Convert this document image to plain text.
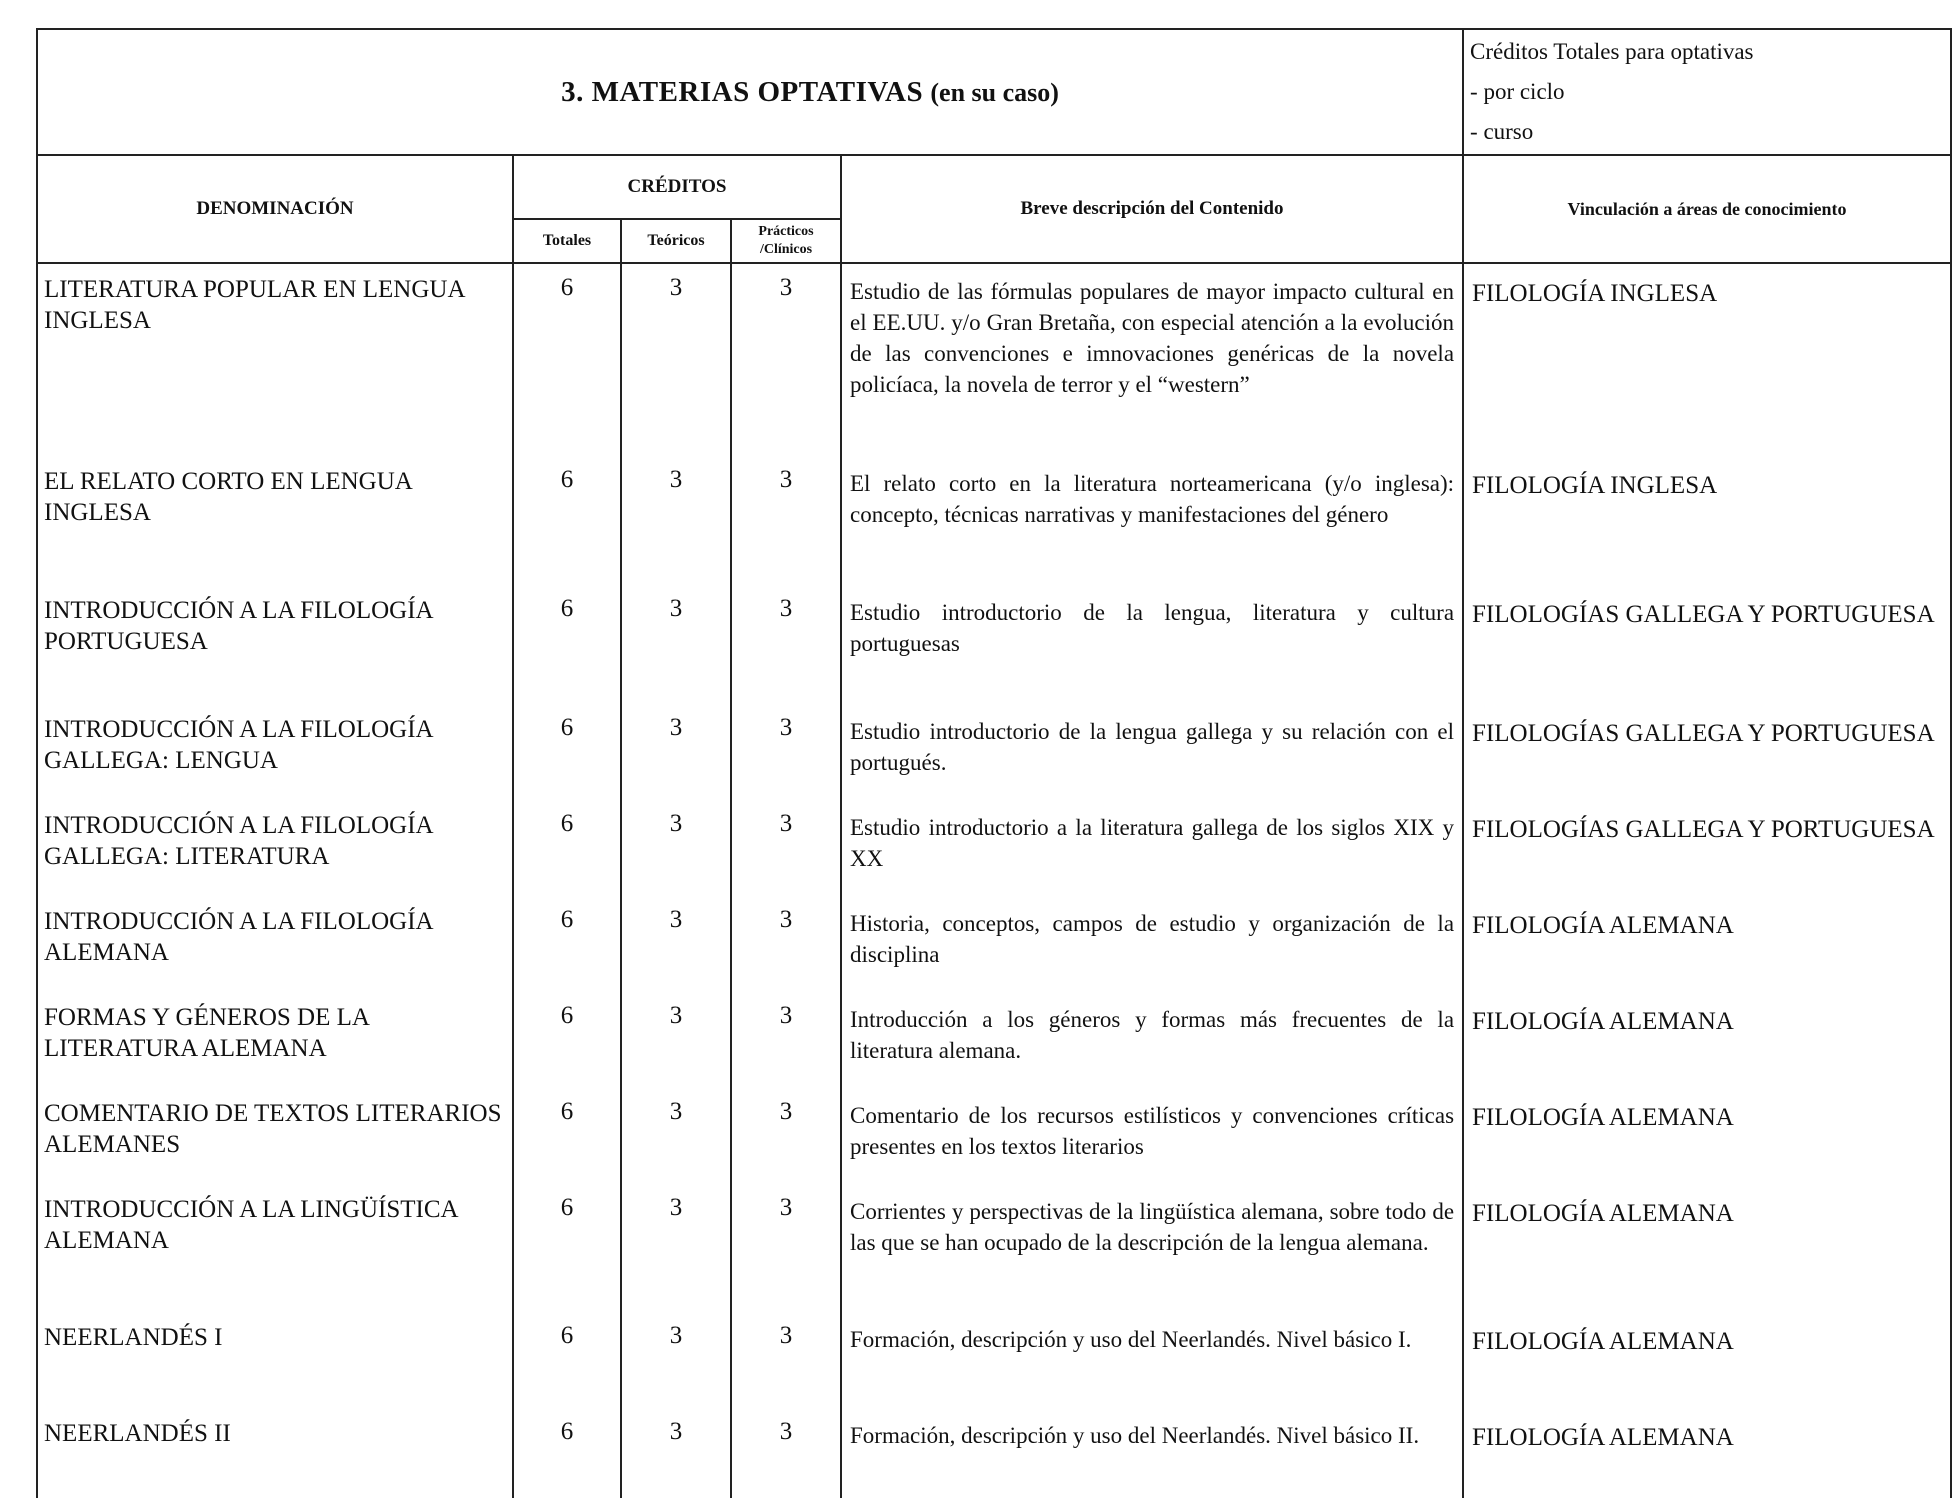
3. MATERIAS OPTATIVAS (en su caso)					Créditos Totales para optativas
- por ciclo
- curso

DENOMINACIÓN	CRÉDITOS			Breve descripción del Contenido	Vinculación a áreas de conocimiento
	Totales	Teóricos	Prácticos /Clínicos		
LITERATURA POPULAR EN LENGUA INGLESA	6	3	3	Estudio de las fórmulas populares de mayor impacto cultural en el EE.UU. y/o Gran Bretaña, con especial atención a la evolución de las convenciones e imnovaciones genéricas de la novela policíaca, la novela de terror y el “western”	FILOLOGÍA INGLESA
EL RELATO CORTO EN LENGUA INGLESA	6	3	3	El relato corto en la literatura norteamericana (y/o inglesa): concepto, técnicas narrativas y manifestaciones del género	FILOLOGÍA INGLESA
INTRODUCCIÓN A LA FILOLOGÍA PORTUGUESA	6	3	3	Estudio introductorio de la lengua, literatura y cultura portuguesas	FILOLOGÍAS GALLEGA Y PORTUGUESA
INTRODUCCIÓN A LA FILOLOGÍA GALLEGA: LENGUA	6	3	3	Estudio introductorio de la lengua gallega y su relación con el portugués.	FILOLOGÍAS GALLEGA Y PORTUGUESA
INTRODUCCIÓN A LA FILOLOGÍA GALLEGA: LITERATURA	6	3	3	Estudio introductorio a la literatura gallega de los siglos XIX y XX	FILOLOGÍAS GALLEGA Y PORTUGUESA
INTRODUCCIÓN A LA FILOLOGÍA ALEMANA	6	3	3	Historia, conceptos, campos de estudio y organización de la disciplina	FILOLOGÍA ALEMANA
FORMAS Y GÉNEROS DE LA LITERATURA ALEMANA	6	3	3	Introducción a los géneros y formas más frecuentes de la literatura alemana.	FILOLOGÍA ALEMANA
COMENTARIO DE TEXTOS LITERARIOS ALEMANES	6	3	3	Comentario de los recursos estilísticos y convenciones críticas presentes en los textos literarios	FILOLOGÍA ALEMANA
INTRODUCCIÓN A LA LINGÜÍSTICA ALEMANA	6	3	3	Corrientes y perspectivas de la lingüística alemana, sobre todo de las que se han ocupado de la descripción de la lengua alemana.	FILOLOGÍA ALEMANA
NEERLANDÉS I	6	3	3	Formación, descripción y uso del Neerlandés. Nivel básico I.	FILOLOGÍA ALEMANA
NEERLANDÉS II	6	3	3	Formación, descripción y uso del Neerlandés. Nivel básico II.	FILOLOGÍA ALEMANA
